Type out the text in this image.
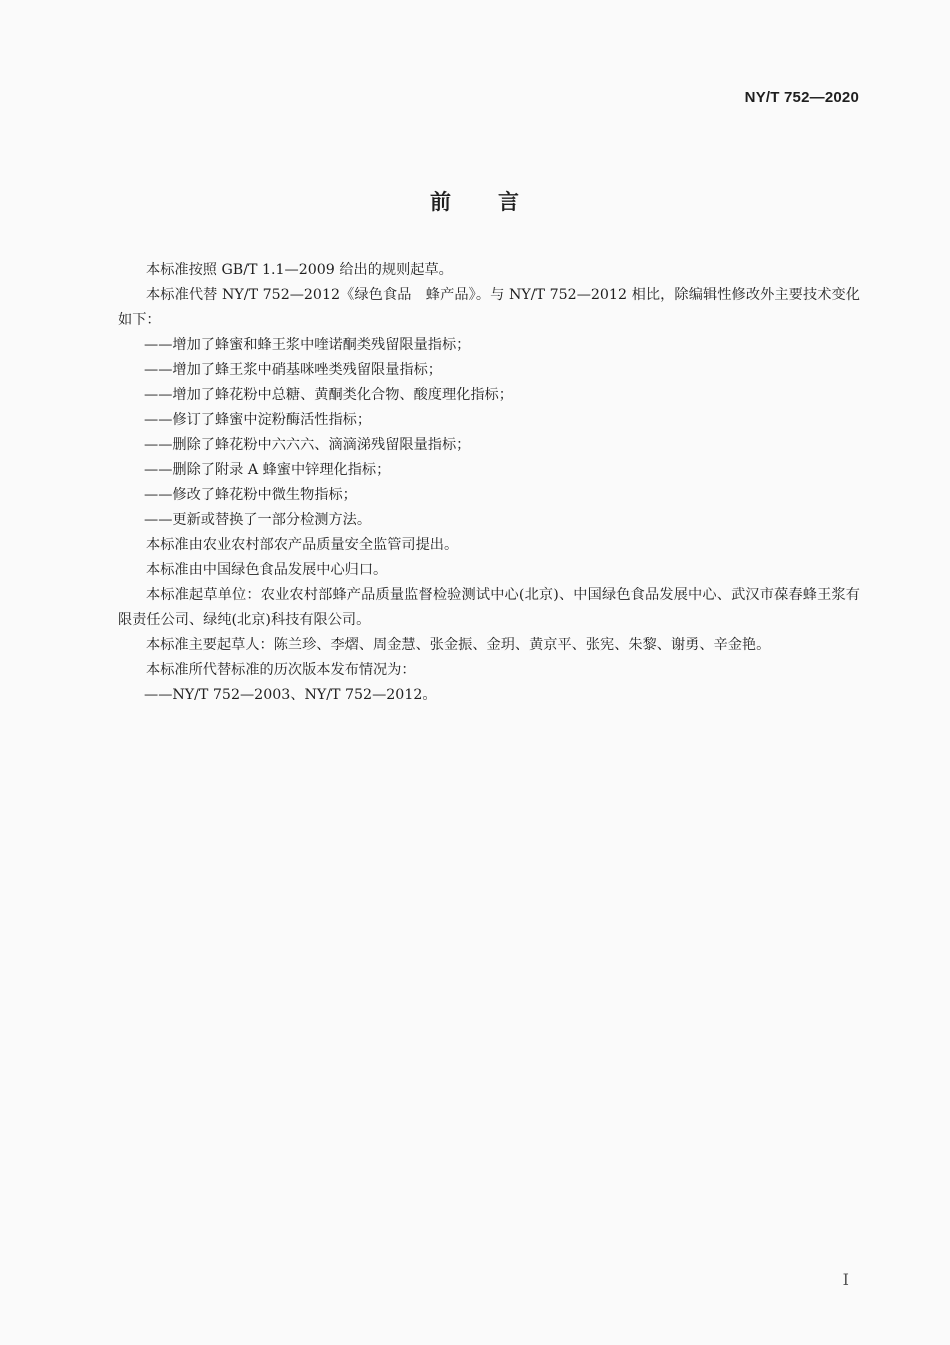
NY/T 752—2020
前 言

本标准按照 GB/T 1.1—2009 给出的规则起草。

本标准代替 NY/T 752—2012《绿色食品　蜂产品》。与 NY/T 752—2012 相比，除编辑性修改外主要技术变化如下：

——增加了蜂蜜和蜂王浆中喹诺酮类残留限量指标；

——增加了蜂王浆中硝基咪唑类残留限量指标；

——增加了蜂花粉中总糖、黄酮类化合物、酸度理化指标；

——修订了蜂蜜中淀粉酶活性指标；

——删除了蜂花粉中六六六、滴滴涕残留限量指标；

——删除了附录 A 蜂蜜中锌理化指标；

——修改了蜂花粉中微生物指标；

——更新或替换了一部分检测方法。

本标准由农业农村部农产品质量安全监管司提出。

本标准由中国绿色食品发展中心归口。

本标准起草单位：农业农村部蜂产品质量监督检验测试中心(北京)、中国绿色食品发展中心、武汉市葆春蜂王浆有限责任公司、绿纯(北京)科技有限公司。

本标准主要起草人：陈兰珍、李熠、周金慧、张金振、金玥、黄京平、张宪、朱黎、谢勇、辛金艳。

本标准所代替标准的历次版本发布情况为：

——NY/T 752—2003、NY/T 752—2012。

I
